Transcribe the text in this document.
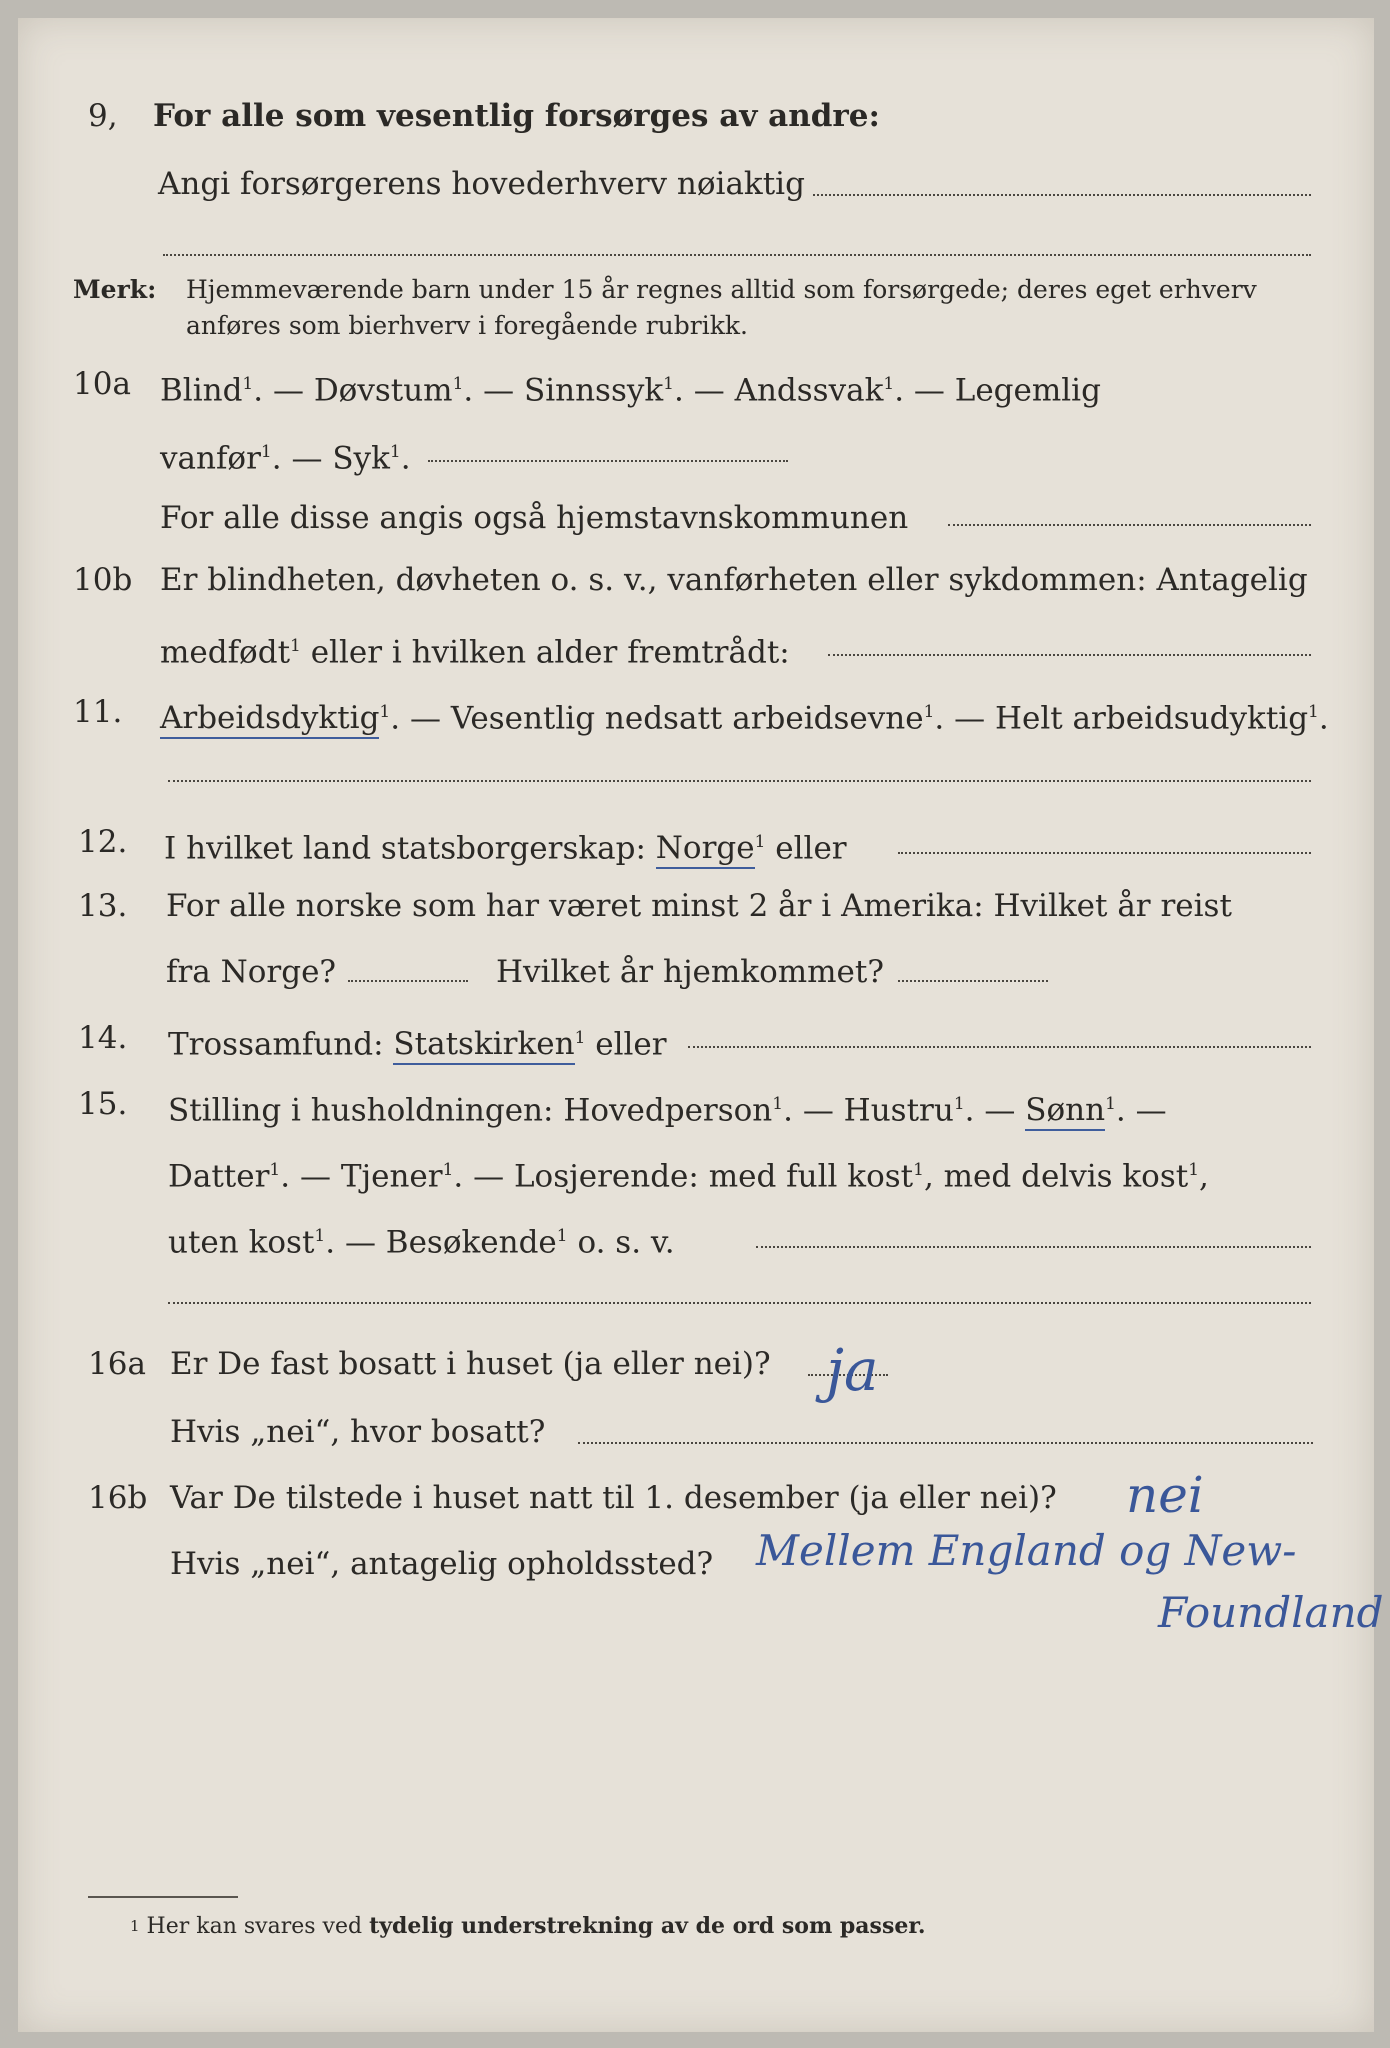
9,	For alle som vesentlig forsørges av andre:
Angi forsørgerens hovederhverv nøiaktig
Merk: Hjemmeværende barn under 15 år regnes alltid som forsørgede; deres eget erhverv
anføres som bierhverv i foregående rubrikk.
10a Blind$^1$. — Døvstum$^1$. — Sinnssyk$^1$. — Andssvak$^1$. — Legemlig
vanfør$^1$. — Syk$^1$.
For alle disse angis også hjemstavnskommunen
10b Er blindheten, døvheten o. s. v., vanførheten eller sykdommen: Antagelig
medfødt$^1$ eller i hvilken alder fremtrådt:
11.	Arbeidsdyktig$^1$. — Vesentlig nedsatt arbeidsevne$^1$. — Helt arbeidsudyktig$^1$.
12.	I hvilket land statsborgerskap: Norge$^1$ eller
13.	For alle norske som har været minst 2 år i Amerika: Hvilket år reist
fra Norge?	Hvilket år hjemkommet?
14.	Trossamfund: Statskirken$^1$ eller
15.	Stilling i husholdningen: Hovedperson$^1$. — Hustru$^1$. — Sønn$^1$. —
Datter$^1$. — Tjener$^1$. — Losjerende: med full kost$^1$, med delvis kost$^1$,
uten kost$^1$. — Besøkende$^1$ o. s. v.
16a Er De fast bosatt i huset (ja eller nei)? ja
Hvis „nei“, hvor bosatt?
16b Var De tilstede i huset natt til 1. desember (ja eller nei)? nei
Hvis „nei“, antagelig opholdssted? Mellem England og New-
Foundland
$^1$ Her kan svares ved tydelig understrekning av de ord som passer.
